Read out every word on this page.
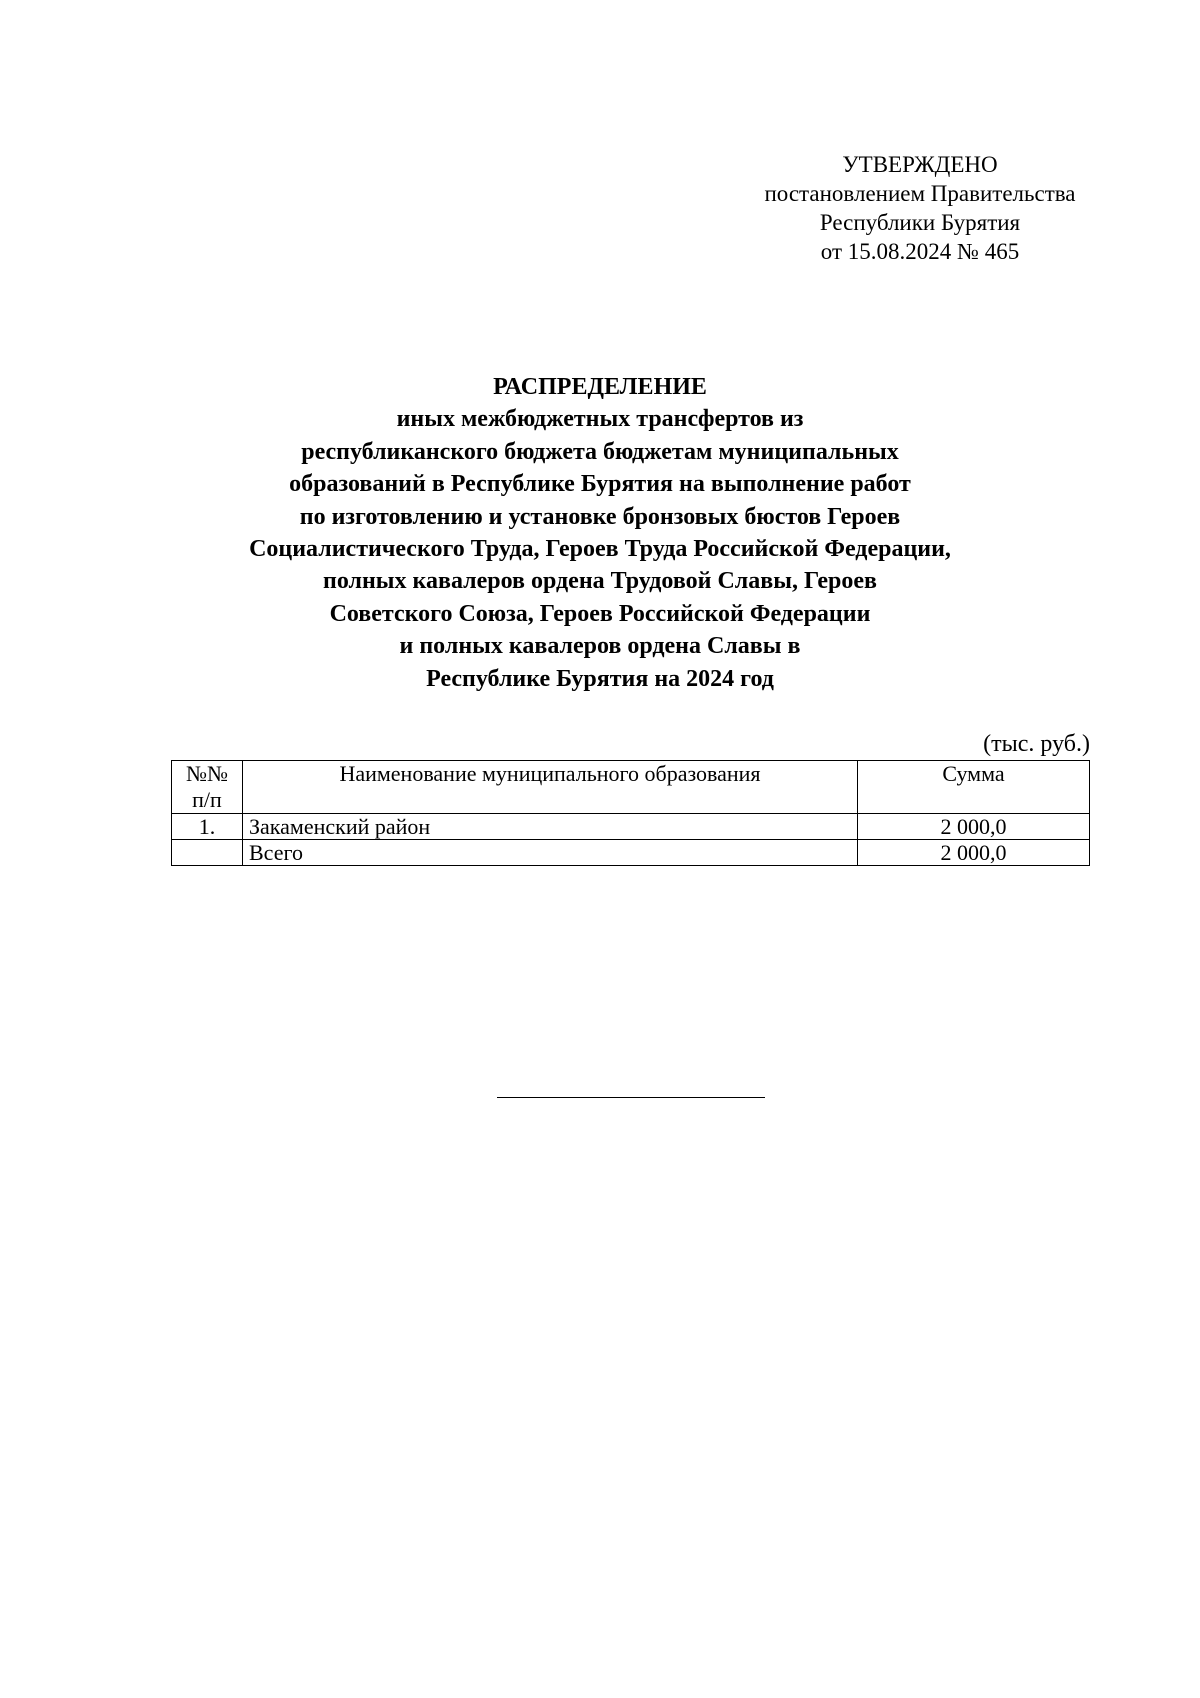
УТВЕРЖДЕНО
постановлением Правительства
Республики Бурятия
от 15.08.2024 № 465
РАСПРЕДЕЛЕНИЕ
иных межбюджетных трансфертов из
республиканского бюджета бюджетам муниципальных
образований в Республике Бурятия на выполнение работ
по изготовлению и установке бронзовых бюстов Героев
Социалистического Труда, Героев Труда Российской Федерации,
полных кавалеров ордена Трудовой Славы, Героев
Советского Союза, Героев Российской Федерации
и полных кавалеров ордена Славы в
Республике Бурятия на 2024 год
(тыс. руб.)
№№
п/п	Наименование муниципального образования	Сумма
1.	Закаменский район	2 000,0
	Всего	2 000,0
